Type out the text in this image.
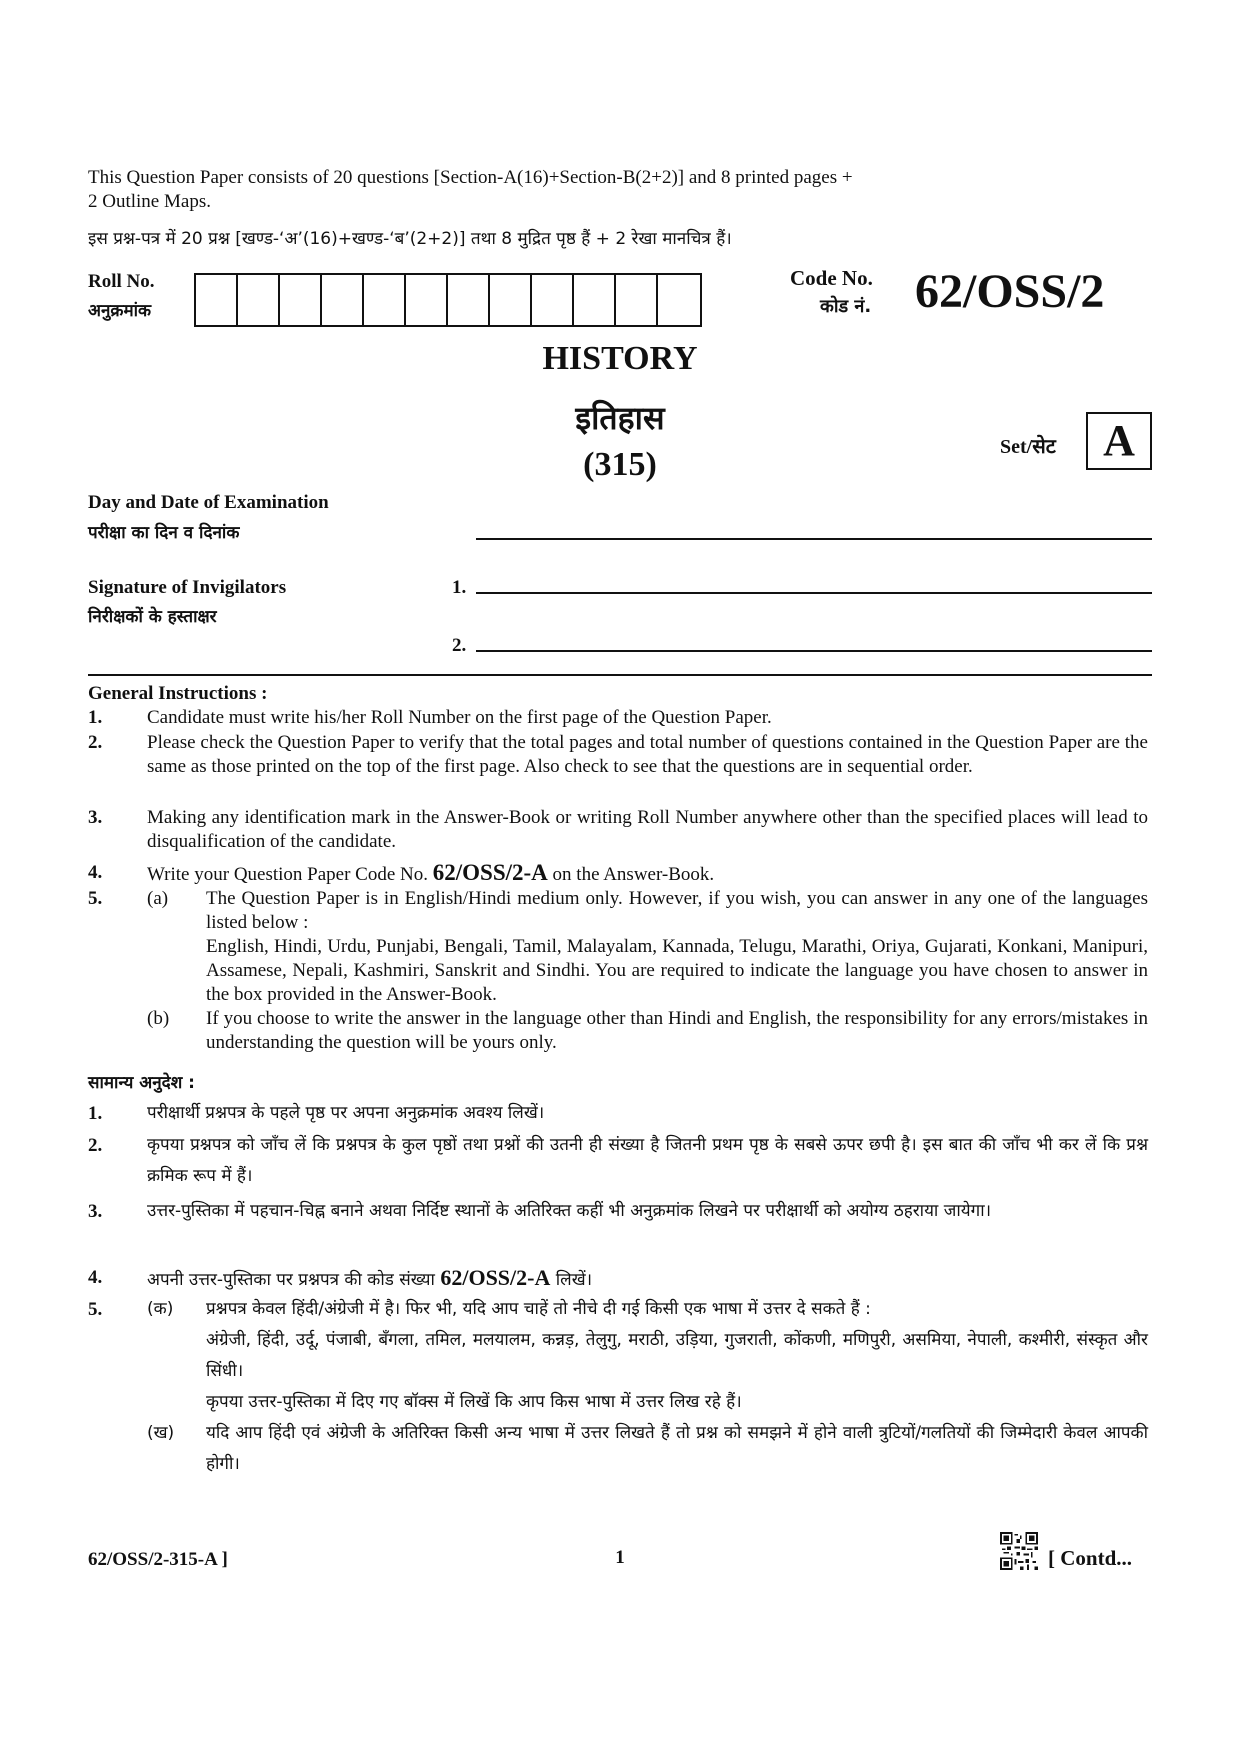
This Question Paper consists of 20 questions [Section-A(16)+Section-B(2+2)] and 8 printed pages +
2 Outline Maps.
इस प्रश्न-पत्र में 20 प्रश्न [खण्ड-‘अ’(16)+खण्ड-‘ब’(2+2)] तथा 8 मुद्रित पृष्ठ हैं + 2 रेखा मानचित्र हैं।
Roll No.
अनुक्रमांक
Code No.
कोड नं. 62/OSS/2
HISTORY
इतिहास
(315)	Set/सेट	A
Day and Date of Examination
परीक्षा का दिन व दिनांक
Signature of Invigilators
निरीक्षकों के हस्ताक्षर
1.
2.
General Instructions :
1. Candidate must write his/her Roll Number on the first page of the Question Paper.
2. Please check the Question Paper to verify that the total pages and total number of questions contained in the Question Paper are the same as those printed on the top of the first page. Also check to see that the questions are in sequential order.
3. Making any identification mark in the Answer-Book or writing Roll Number anywhere other than the specified places will lead to disqualification of the candidate.
4. Write your Question Paper Code No. 62/OSS/2-A on the Answer-Book.
5. (a) The Question Paper is in English/Hindi medium only. However, if you wish, you can answer in any one of the languages listed below :
English, Hindi, Urdu, Punjabi, Bengali, Tamil, Malayalam, Kannada, Telugu, Marathi, Oriya, Gujarati, Konkani, Manipuri, Assamese, Nepali, Kashmiri, Sanskrit and Sindhi. You are required to indicate the language you have chosen to answer in the box provided in the Answer-Book.
(b) If you choose to write the answer in the language other than Hindi and English, the responsibility for any errors/mistakes in understanding the question will be yours only.
सामान्य अनुदेश :
1.	परीक्षार्थी प्रश्नपत्र के पहले पृष्ठ पर अपना अनुक्रमांक अवश्य लिखें।
2.	कृपया प्रश्नपत्र को जाँच लें कि प्रश्नपत्र के कुल पृष्ठों तथा प्रश्नों की उतनी ही संख्या है जितनी प्रथम पृष्ठ के सबसे ऊपर छपी है। इस बात की जाँच भी कर लें कि प्रश्न क्रमिक रूप में हैं।
3.	उत्तर-पुस्तिका में पहचान-चिह्न बनाने अथवा निर्दिष्ट स्थानों के अतिरिक्त कहीं भी अनुक्रमांक लिखने पर परीक्षार्थी को अयोग्य ठहराया जायेगा।
4.	अपनी उत्तर-पुस्तिका पर प्रश्नपत्र की कोड संख्या 62/OSS/2-A लिखें।
5.	(क) प्रश्नपत्र केवल हिंदी/अंग्रेजी में है। फिर भी, यदि आप चाहें तो नीचे दी गई किसी एक भाषा में उत्तर दे सकते हैं :
अंग्रेजी, हिंदी, उर्दू, पंजाबी, बँगला, तमिल, मलयालम, कन्नड़, तेलुगु, मराठी, उड़िया, गुजराती, कोंकणी, मणिपुरी, असमिया, नेपाली, कश्मीरी, संस्कृत और सिंधी।
कृपया उत्तर-पुस्तिका में दिए गए बॉक्स में लिखें कि आप किस भाषा में उत्तर लिख रहे हैं।
(ख) यदि आप हिंदी एवं अंग्रेजी के अतिरिक्त किसी अन्य भाषा में उत्तर लिखते हैं तो प्रश्न को समझने में होने वाली त्रुटियों/गलतियों की जिम्मेदारी केवल आपकी होगी।
62/OSS/2-315-A ]	1	[ Contd...
